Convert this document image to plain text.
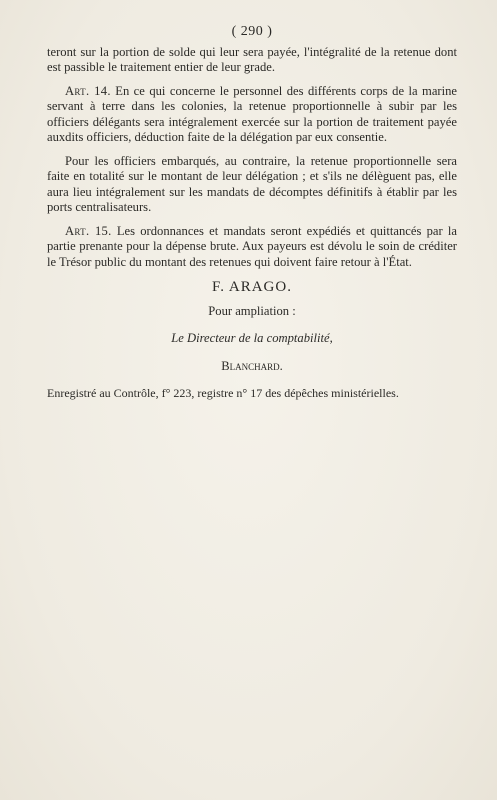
( 290 )

teront sur la portion de solde qui leur sera payée, l'intégralité de la retenue dont est passible le traitement entier de leur grade.

Art. 14. En ce qui concerne le personnel des différents corps de la marine servant à terre dans les colonies, la retenue proportionnelle à subir par les officiers délégants sera intégralement exercée sur la portion de traitement payée auxdits officiers, déduction faite de la délégation par eux consentie.

Pour les officiers embarqués, au contraire, la retenue proportionnelle sera faite en totalité sur le montant de leur délégation ; et s'ils ne délèguent pas, elle aura lieu intégralement sur les mandats de décomptes définitifs à établir par les ports centralisateurs.

Art. 15. Les ordonnances et mandats seront expédiés et quittancés par la partie prenante pour la dépense brute. Aux payeurs est dévolu le soin de créditer le Trésor public du montant des retenues qui doivent faire retour à l'État.

F. ARAGO.
Pour ampliation :
Le Directeur de la comptabilité,
Blanchard.
Enregistré au Contrôle, f° 223, registre n° 17 des dépêches ministérielles.
